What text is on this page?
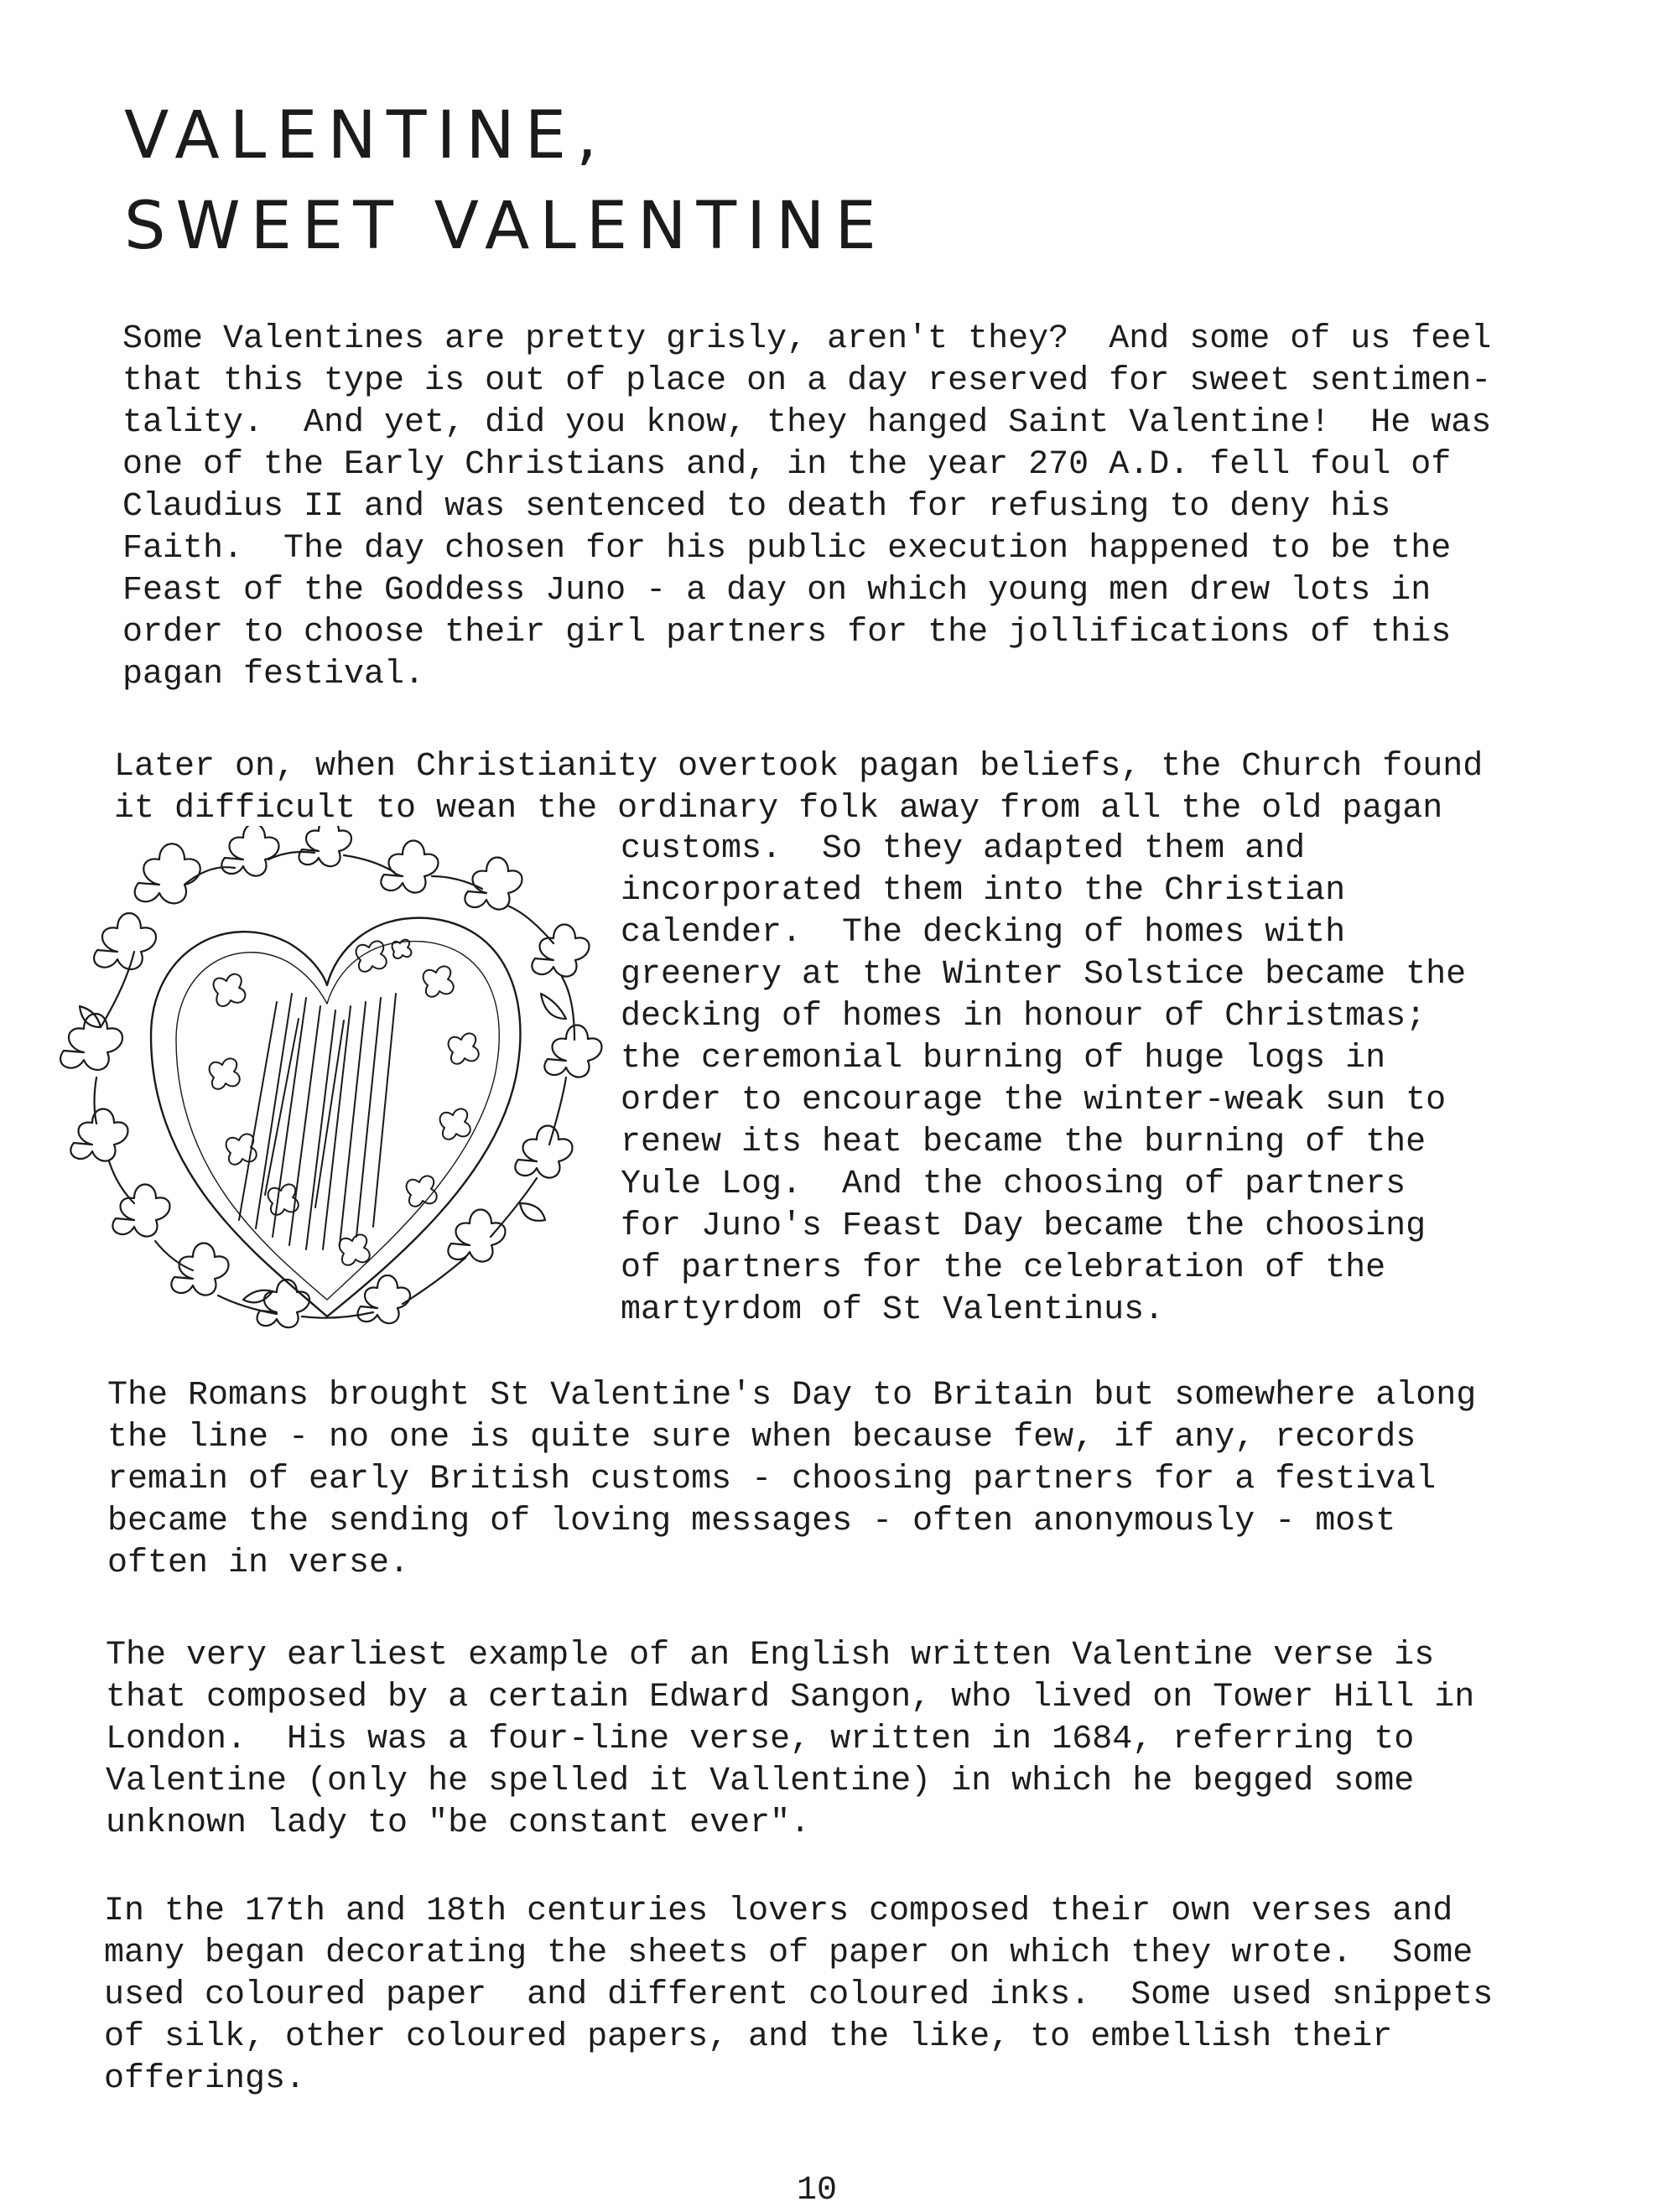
VALENTINE,
SWEET VALENTINE

Some Valentines are pretty grisly, aren't they?  And some of us feel
that this type is out of place on a day reserved for sweet sentimen-
tality.  And yet, did you know, they hanged Saint Valentine!  He was
one of the Early Christians and, in the year 270 A.D. fell foul of
Claudius II and was sentenced to death for refusing to deny his
Faith.  The day chosen for his public execution happened to be the
Feast of the Goddess Juno - a day on which young men drew lots in
order to choose their girl partners for the jollifications of this
pagan festival.

Later on, when Christianity overtook pagan beliefs, the Church found
it difficult to wean the ordinary folk away from all the old pagan

customs.  So they adapted them and
incorporated them into the Christian
calender.  The decking of homes with
greenery at the Winter Solstice became the
decking of homes in honour of Christmas;
the ceremonial burning of huge logs in
order to encourage the winter-weak sun to
renew its heat became the burning of the
Yule Log.  And the choosing of partners
for Juno's Feast Day became the choosing
of partners for the celebration of the
martyrdom of St Valentinus.

The Romans brought St Valentine's Day to Britain but somewhere along
the line - no one is quite sure when because few, if any, records
remain of early British customs - choosing partners for a festival
became the sending of loving messages - often anonymously - most
often in verse.

The very earliest example of an English written Valentine verse is
that composed by a certain Edward Sangon, who lived on Tower Hill in
London.  His was a four-line verse, written in 1684, referring to
Valentine (only he spelled it Vallentine) in which he begged some
unknown lady to "be constant ever".

In the 17th and 18th centuries lovers composed their own verses and
many began decorating the sheets of paper on which they wrote.  Some
used coloured paper  and different coloured inks.  Some used snippets
of silk, other coloured papers, and the like, to embellish their
offerings.

10
